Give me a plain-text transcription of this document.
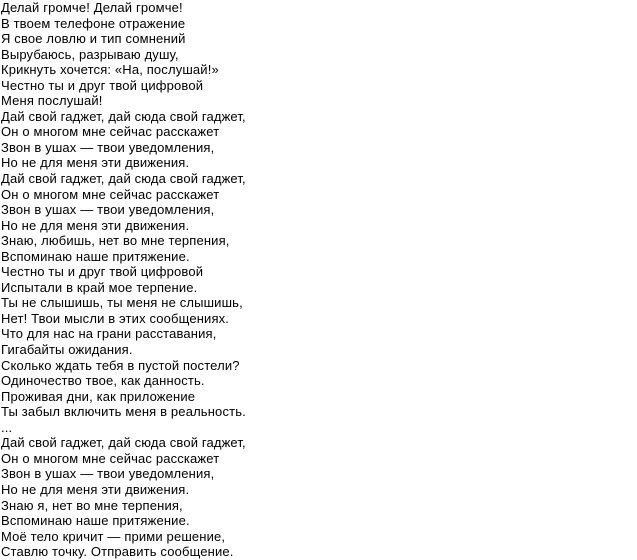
Делай громче! Делай громче!
В твоем телефоне отражение
Я свое ловлю и тип сомнений
Вырубаюсь, разрываю душу,
Крикнуть хочется: «На, послушай!»
Честно ты и друг твой цифровой
Меня послушай!
Дай свой гаджет, дай сюда свой гаджет,
Он о многом мне сейчас расскажет
Звон в ушах — твои уведомления,
Но не для меня эти движения.
Дай свой гаджет, дай сюда свой гаджет,
Он о многом мне сейчас расскажет
Звон в ушах — твои уведомления,
Но не для меня эти движения.
Знаю, любишь, нет во мне терпения,
Вспоминаю наше притяжение.
Честно ты и друг твой цифровой
Испытали в край мое терпение.
Ты не слышишь, ты меня не слышишь,
Нет! Твои мысли в этих сообщениях.
Что для нас на грани расставания,
Гигабайты ожидания.
Сколько ждать тебя в пустой постели?
Одиночество твое, как данность.
Проживая дни, как приложение
Ты забыл включить меня в реальность.
...
Дай свой гаджет, дай сюда свой гаджет,
Он о многом мне сейчас расскажет
Звон в ушах — твои уведомления,
Но не для меня эти движения.
Знаю я, нет во мне терпения,
Вспоминаю наше притяжение.
Моё тело кричит — прими решение,
Ставлю точку. Отправить сообщение.
